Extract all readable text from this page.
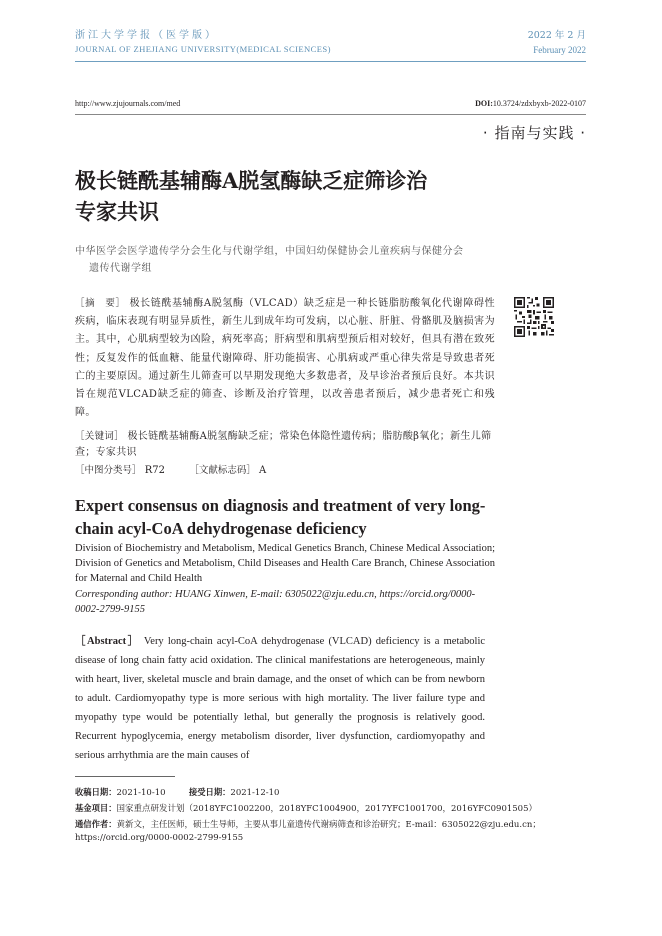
浙江大学学报（医学版）
JOURNAL OF ZHEJIANG UNIVERSITY(MEDICAL SCIENCES)
2022 年 2 月
February 2022
http://www.zjujournals.com/med	DOI:10.3724/zdxbyxb-2022-0107
· 指南与实践 ·
极长链酰基辅酶A脱氢酶缺乏症筛诊治
专家共识
中华医学会医学遗传学分会生化与代谢学组，中国妇幼保健协会儿童疾病与保健分会
遗传代谢学组
［摘　要］ 极长链酰基辅酶A脱氢酶（VLCAD）缺乏症是一种长链脂肪酸氧化代谢障碍性疾病，临床表现有明显异质性，新生儿到成年均可发病，以心脏、肝脏、骨骼肌及脑损害为主。其中，心肌病型较为凶险，病死率高；肝病型和肌病型预后相对较好，但具有潜在致死性；反复发作的低血糖、能量代谢障碍、肝功能损害、心肌病或严重心律失常是导致患者死亡的主要原因。通过新生儿筛查可以早期发现绝大多数患者，及早诊治者预后良好。本共识旨在规范VLCAD缺乏症的筛查、诊断及治疗管理，以改善患者预后，减少患者死亡和残障。
［关键词］ 极长链酰基辅酶A脱氢酶缺乏症；常染色体隐性遗传病；脂肪酸β氧化；新生儿筛查；专家共识
［中图分类号］ R72	［文献标志码］ A
Expert consensus on diagnosis and treatment of very long-chain acyl-CoA dehydrogenase deficiency
Division of Biochemistry and Metabolism, Medical Genetics Branch, Chinese Medical Association; Division of Genetics and Metabolism, Child Diseases and Health Care Branch, Chinese Association for Maternal and Child Health
Corresponding author: HUANG Xinwen, E-mail: 6305022@zju.edu.cn, https://orcid.org/0000-0002-2799-9155
［Abstract］ Very long-chain acyl-CoA dehydrogenase (VLCAD) deficiency is a metabolic disease of long chain fatty acid oxidation. The clinical manifestations are heterogeneous, mainly with heart, liver, skeletal muscle and brain damage, and the onset of which can be from newborn to adult. Cardiomyopathy type is more serious with high mortality. The liver failure type and myopathy type would be potentially lethal, but generally the prognosis is relatively good. Recurrent hypoglycemia, energy metabolism disorder, liver dysfunction, cardiomyopathy and serious arrhythmia are the main causes of
收稿日期：2021-10-10	接受日期：2021-12-10
基金项目：国家重点研发计划（2018YFC1002200，2018YFC1004900，2017YFC1001700，2016YFC0901505）
通信作者：黄新文，主任医师，硕士生导师，主要从事儿童遗传代谢病筛查和诊治研究；E-mail：6305022@zju.edu.cn；https://orcid.org/0000-0002-2799-9155
